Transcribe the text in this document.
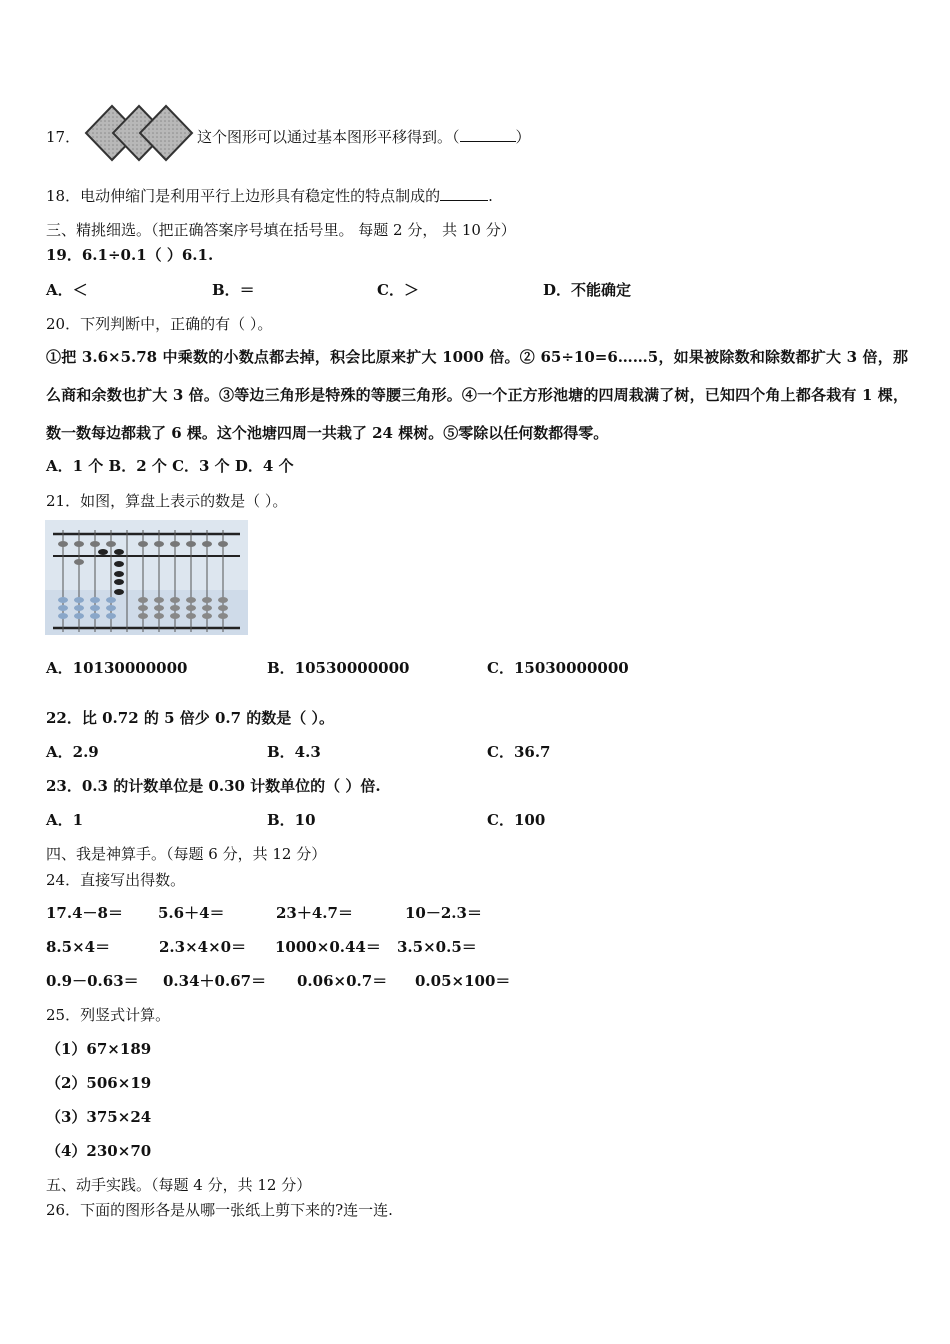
17．	这个图形可以通过基本图形平移得到。（	）
18．电动伸缩门是利用平行上边形具有稳定性的特点制成的	.
三、精挑细选。（把正确答案序号填在括号里。 每题 2 分， 共 10 分）
19．6.1÷0.1（ ）6.1.
A．＜	B．＝	C．＞	D．不能确定
20．下列判断中，正确的有（ ）。
①把 3.6×5.78 中乘数的小数点都去掉，积会比原来扩大 1000 倍。② 65÷10=6……5，如果被除数和除数都扩大 3 倍，那么商和余数也扩大 3 倍。③等边三角形是特殊的等腰三角形。④一个正方形池塘的四周栽满了树，已知四个角上都各栽有 1 棵，数一数每边都栽了 6 棵。这个池塘四周一共栽了 24 棵树。⑤零除以任何数都得零。
A．1 个 B．2 个 C．3 个 D．4 个
21．如图，算盘上表示的数是（ ）。
A．10130000000	B．10530000000	C．15030000000
22．比 0.72 的 5 倍少 0.7 的数是（ ）。
A．2.9	B．4.3	C．36.7
23．0.3 的计数单位是 0.30 计数单位的（ ）倍.
A．1	B．10	C．100
四、我是神算手。（每题 6 分，共 12 分）
24．直接写出得数。
17.4－8＝ 5.6＋4＝	23＋4.7＝	10－2.3＝
8.5×4＝	2.3×4×0＝ 1000×0.44＝ 3.5×0.5＝
0.9－0.63＝ 0.34＋0.67＝ 0.06×0.7＝ 0.05×100＝
25．列竖式计算。
（1）67×189
（2）506×19
（3）375×24
（4）230×70
五、动手实践。（每题 4 分，共 12 分）
26．下面的图形各是从哪一张纸上剪下来的?连一连.
